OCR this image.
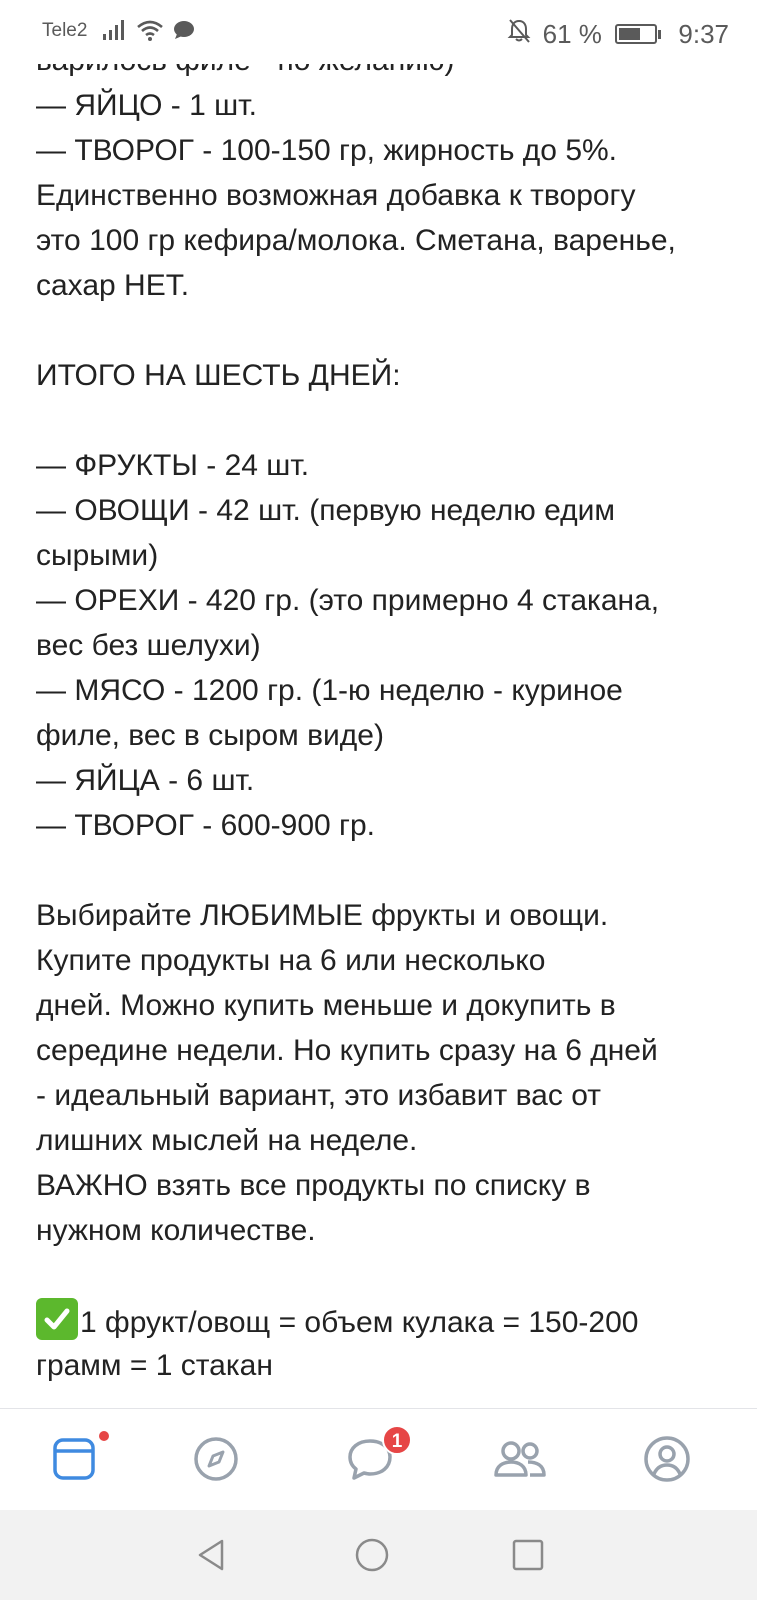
— ЯЙЦО - 1 шт.
— ТВОРОГ - 100-150 гр, жирность до 5%.
Единственно возможная добавка к творогу
это 100 гр кефира/молока. Сметана, варенье,
сахар НЕТ.
ИТОГО НА ШЕСТЬ ДНЕЙ:
— ФРУКТЫ - 24 шт.
— ОВОЩИ - 42 шт. (первую неделю едим
сырыми)
— ОРЕХИ - 420 гр. (это примерно 4 стакана,
вес без шелухи)
— МЯСО - 1200 гр. (1-ю неделю - куриное
филе, вес в сыром виде)
— ЯЙЦА - 6 шт.
— ТВОРОГ - 600-900 гр.
Выбирайте ЛЮБИМЫЕ фрукты и овощи.
Купите продукты на 6 или несколько
дней. Можно купить меньше и докупить в
середине недели. Но купить сразу на 6 дней
- идеальный вариант, это избавит вас от
лишних мыслей на неделе.
ВАЖНО взять все продукты по списку в
нужном количестве.
1 фрукт/овощ = объем кулака = 150-200
грамм = 1 стакан
Tele2
	61 %	9:37
1
